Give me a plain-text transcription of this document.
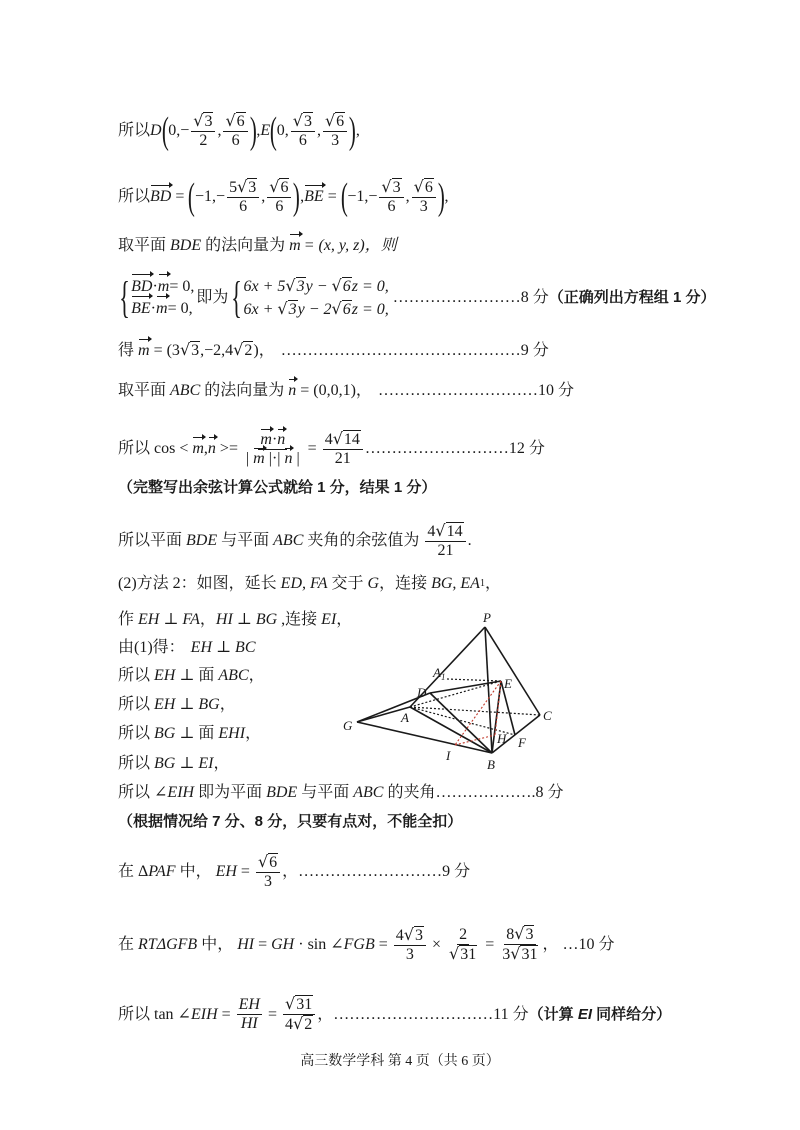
所以 D ( $0,- \frac{√3}{2}$ , $\frac{√6}{6}$ ) , E ( 0, $\frac{√3}{6}$ , $\frac{√6}{3}$ ) ,
所以 BD = ( $-1,- \frac{5√3}{6}$ , $\frac{√6}{6}$ ) , BE = ( $-1,- \frac{√3}{6}$ , $\frac{√6}{3}$ ) ,
取平面 BDE 的法向量为 m = (x, y, z)，则
{ BD·m= 0,
BE·m= 0,
即为 { 6x + 5√3y − √6z = 0,
6x + √3y − 2√6z = 0,
……………………8 分 （正确列出方程组 1 分）
得 m = (3 √3 ,−2,4 √2 )， ………………………………………9 分
取平面 ABC 的法向量为 n = (0,0,1)， …………………………10 分
所以 cos < m , $n >= \frac{m\cdot n}{| m |\cdot| n |} = \frac{4√14}{21}$ ………………………12 分
（完整写出余弦计算公式就给 1 分，结果 1 分）
所以平面 BDE 与平面 ABC 夹角的余弦值为 $\frac{4√14}{21}$ .
(2)方法 2：如图，延长 ED, FA 交于 G ，连接 BG, EA 1 ，
作 EH ⊥ FA ， HI ⊥ BG ,连接 EI ，
由(1)得： EH ⊥ BC
所以 EH ⊥ 面 ABC ，
所以 EH ⊥ BG ，
所以 BG ⊥ 面 EHI ，
所以 BG ⊥ EI ，
所以 ∠ EIH 即为平面 BDE 与平面 ABC 的夹角……………….8 分
（根据情况给 7 分、8 分，只要有点对，不能全扣）
在 Δ PAF 中， EH = $\frac{√6}{3}$ ，………………………9 分
在 RTΔGFB 中， HI = GH · sin ∠ FGB = $\frac{4√3}{3} \times \frac{2}{√31} = \frac{8√3}{3√31}$ ， …10 分
所以 tan ∠ EIH = $\frac{EH}{HI} = \frac{√31}{4√2}$ ，…………………………11 分 （计算 EI 同样给分）
P
$A_1$	E
D
A	C
G
H F
I
B
高三数学学科 第 4 页（共 6 页）
